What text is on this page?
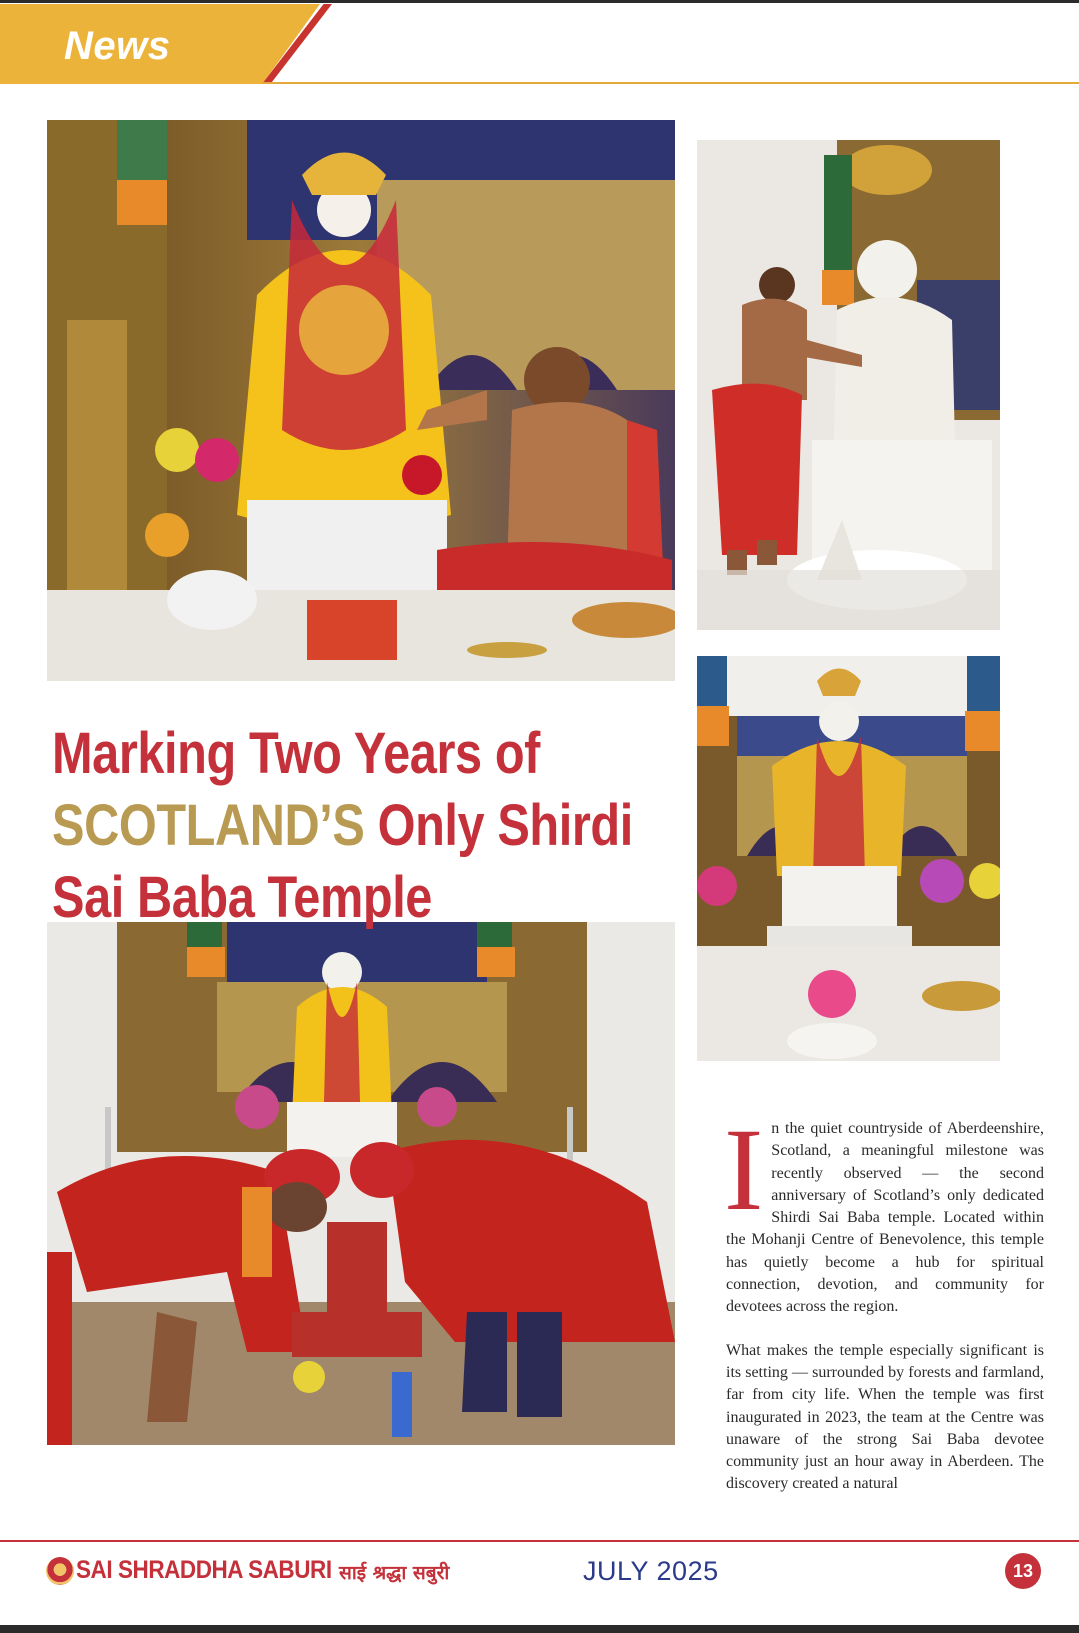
News
Marking Two Years of
SCOTLAND’S Only Shirdi
Sai Baba Temple

In the quiet countryside of Aberdeenshire, Scotland, a meaningful milestone was recently observed — the second anniversary of Scotland’s only dedicated Shirdi Sai Baba temple. Located within the Mohanji Centre of Benevolence, this temple has quietly become a hub for spiritual connection, devotion, and community for devotees across the region.

What makes the temple especially significant is its setting — surrounded by forests and farmland, far from city life. When the temple was first inaugurated in 2023, the team at the Centre was unaware of the strong Sai Baba devotee community just an hour away in Aberdeen. The discovery created a natural

SAI SHRADDHA SABURI साई श्रद्धा सबुरी	JULY 2025	13
